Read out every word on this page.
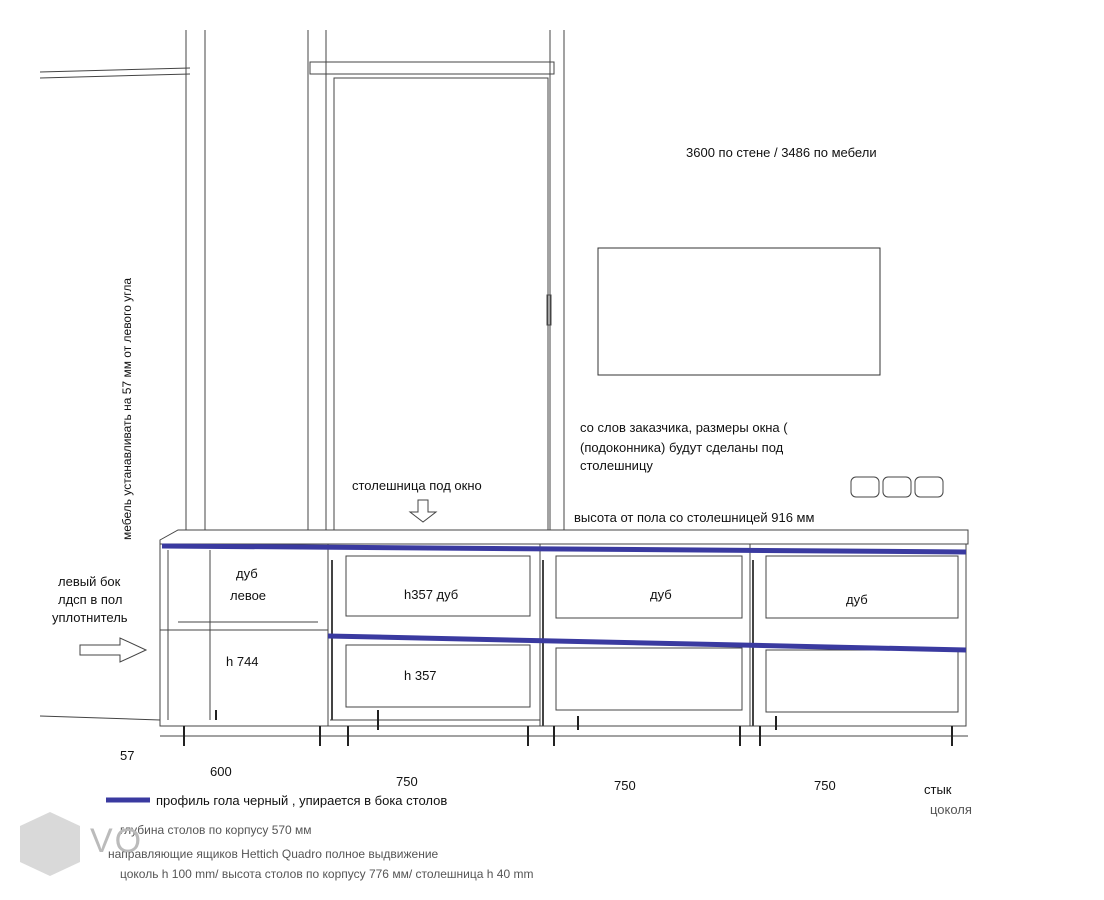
3600 по стене / 3486 по мебели
со слов заказчика, размеры окна (
(подоконника) будут сделаны под
столешницу
столешница под окно
высота от пола со столешницей 916 мм
мебель устанавливать на 57 мм от левого угла
левый бок
лдсп в пол
уплотнитель
дуб
левое
h 744
h357 дуб
h 357
дуб	дуб
57
600
750	750	750	стык
цоколя
профиль гола черный , упирается в бока столов
глубина столов по корпусу 570 мм
направляющие ящиков Hettich Quadro полное выдвижение
цоколь h 100 mm/ высота столов по корпусу 776 мм/ столешница h 40 mm
VO
